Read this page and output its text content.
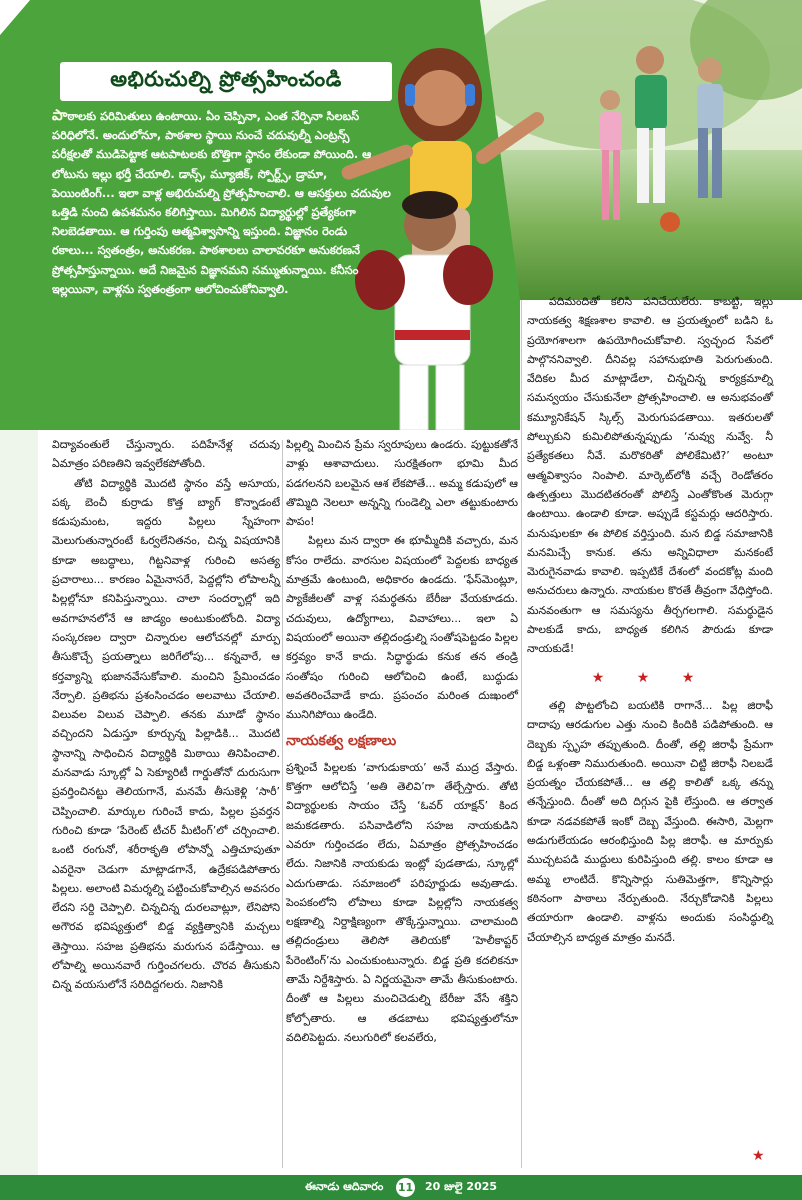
అభిరుచుల్ని ప్రోత్సహించండి

పాఠాలకు పరిమితులు ఉంటాయి. ఏం చెప్పినా, ఎంత నేర్పినా సిలబస్‌ పరిధిలోనే. అందులోనూ, పాఠశాల స్థాయి నుంచే చదువుల్నీ ఎంట్రన్స్‌ పరీక్షలతో ముడిపెట్టాక ఆటపాటలకు బొత్తిగా స్థానం లేకుండా పోయింది. ఆ లోటును ఇల్లు భర్తీ చేయాలి. డాన్స్‌, మ్యూజిక్‌, స్పోర్ట్స్‌, డ్రామా, పెయింటింగ్‌... ఇలా వాళ్ల అభిరుచుల్ని ప్రోత్సహించాలి. ఆ ఆసక్తులు చదువుల ఒత్తిడి నుంచి ఉపశమనం కలిగిస్తాయి. మిగిలిన విద్యార్థుల్లో ప్రత్యేకంగా నిలబెడతాయి. ఆ గుర్తింపు ఆత్మవిశ్వాసాన్ని ఇస్తుంది. విజ్ఞానం రెండు రకాలు... స్వతంత్రం, అనుకరణ. పాఠశాలలు చాలావరకూ అనుకరణనే ప్రోత్సహిస్తున్నాయి. అదే నిజమైన విజ్ఞానమని నమ్ముతున్నాయి. కనీసం ఇల్లయినా, వాళ్లను స్వతంత్రంగా ఆలోచించుకోనివ్వాలి.

విద్యావంతులే చేస్తున్నారు. పదిహేనేళ్ల చదువు ఏమాత్రం పరిణతిని ఇవ్వలేకపోతోంది.

తోటి విద్యార్థికి మొదటి స్థానం వస్తే అసూయ, పక్క బెంచీ కుర్రాడు కొత్త బ్యాగ్‌ కొన్నాడంటే కడుపుమంట, ఇద్దరు పిల్లలు స్నేహంగా మెలుగుతున్నారంటే ఓర్వలేనితనం, చిన్న విషయానికి కూడా అబద్ధాలు, గిట్టనివాళ్ల గురించి అసత్య ప్రచారాలు... కారణం ఏమైనాసరే, పెద్దల్లోని లోపాలన్నీ పిల్లల్లోనూ కనిపిస్తున్నాయి. చాలా సందర్భాల్లో ఇది అవగాహనలోనే ఆ జాడ్యం అంటుకుంటోంది. విద్యా సంస్కరణల ద్వారా చిన్నారుల ఆలోచనల్లో మార్పు తీసుకొచ్చే ప్రయత్నాలు జరిగేలోపు... కన్నవారే, ఆ కర్తవ్యాన్ని భుజానవేసుకోవాలి. మంచిని ప్రేమించడం నేర్పాలి. ప్రతిభను ప్రశంసించడం అలవాటు చేయాలి. విలువల విలువ చెప్పాలి. తనకు మూడో స్థానం వచ్చిందని ఏడుస్తూ కూర్చున్న పిల్లాడికి... మొదటి స్థానాన్ని సాధించిన విద్యార్థికి మిఠాయి తినిపించాలి. మనవాడు స్కూల్లో ఏ సెక్యూరిటీ గార్డుతోనో దురుసుగా ప్రవర్తించినట్టు తెలియగానే, మనమే తీసుకెళ్లి ‘సారీ’ చెప్పించాలి. మార్కుల గురించే కాదు, పిల్లల ప్రవర్తన గురించి కూడా ‘పేరెంట్‌ టీచర్‌ మీటింగ్‌’లో చర్చించాలి. ఒంటి రంగునో, శరీరాకృతి లోపాన్నో ఎత్తిచూపుతూ ఎవరైనా చెడుగా మాట్లాడగానే, ఉద్రేకపడిపోతారు పిల్లలు. అలాంటి విమర్శల్ని పట్టించుకోవాల్సిన అవసరం లేదని సర్ది చెప్పాలి. చిన్నచిన్న దురలవాట్లూ, లేనిపోని అగౌరవ భవిష్యత్తులో బిడ్డ వ్యక్తిత్వానికి మచ్చలు తెస్తాయి. సహజ ప్రతిభను మరుగున పడేస్తాయి. ఆ లోపాల్ని అయినవారే గుర్తించగలరు. చొరవ తీసుకుని చిన్న వయసులోనే సరిదిద్దగలరు. నిజానికి

పిల్లల్ని మించిన ప్రేమ స్వరూపులు ఉండరు. పుట్టుకతోనే వాళ్లు ఆశావాదులు. సురక్షితంగా భూమి మీద పడగలనని బలమైన ఆశ లేకపోతే... అమ్మ కడుపులో ఆ తొమ్మిది నెలలూ అన్నన్ని గుండెల్ని ఎలా తట్టుకుంటారు పాపం!

పిల్లలు మన ద్వారా ఈ భూమ్మీదికి వచ్చారు, మన కోసం రాలేదు. వారసుల విషయంలో పెద్దలకు బాధ్యత మాత్రమే ఉంటుంది, అధికారం ఉండదు. ‘ఫేస్‌మెంట్లూ, ప్యాకేజీలతో వాళ్ల సమర్థతను బేరీజు వేయకూడదు. చదువులు, ఉద్యోగాలు, వివాహాలు... ఇలా ఏ విషయంలో అయినా తల్లిదండ్రుల్ని సంతోషపెట్టడం పిల్లల కర్తవ్యం కానే కాదు. సిద్ధార్థుడు కనుక తన తండ్రి సంతోషం గురించి ఆలోచించి ఉంటే, బుద్ధుడు అవతరించేవాడే కాదు. ప్రపంచం మరింత దుఃఖంలో మునిగిపోయి ఉండేది.

నాయకత్వ లక్షణాలు

ప్రశ్నించే పిల్లలకు ‘వాగుడుకాయ’ అనే ముద్ర వేస్తారు. కొత్తగా ఆలోచిస్తే ‘అతి తెలివి’గా తేల్చేస్తారు. తోటి విద్యార్థులకు సాయం చేస్తే ‘ఓవర్‌ యాక్షన్‌’ కింద జమకడతారు. పసివాడిలోని సహజ నాయకుడిని ఎవరూ గుర్తించడం లేదు, ఏమాత్రం ప్రోత్సహించడం లేదు. నిజానికి నాయకుడు ఇంట్లో పుడతాడు, స్కూల్లో ఎదుగుతాడు. సమాజంలో పరిపూర్ణుడు అవుతాడు. పెంపకంలోని లోపాలు కూడా పిల్లల్లోని నాయకత్వ లక్షణాల్ని నిర్దాక్షిణ్యంగా తొక్కేస్తున్నాయి. చాలామంది తల్లిదండ్రులు తెలిసో తెలియకో ‘హెలీకాప్టర్‌ పేరెంటింగ్‌’ను ఎంచుకుంటున్నారు. బిడ్డ ప్రతి కదలికనూ తామే నిర్దేశిస్తారు. ఏ నిర్ణయమైనా తామే తీసుకుంటారు. దీంతో ఆ పిల్లలు మంచిచెడుల్ని బేరీజు వేసే శక్తిని కోల్పోతారు. ఆ తడబాటు భవిష్యత్తులోనూ వదిలిపెట్టదు. నలుగురిలో కలవలేరు,

పదిమందితో కలిసి పనిచేయలేరు. కాబట్టి, ఇల్లు నాయకత్వ శిక్షణశాల కావాలి. ఆ ప్రయత్నంలో బడిని ఓ ప్రయోగశాలగా ఉపయోగించుకోవాలి. స్వచ్ఛంద సేవలో పాల్గొననివ్వాలి. దీనివల్ల సహానుభూతి పెరుగుతుంది. వేదికల మీద మాట్లాడేలా, చిన్నచిన్న కార్యక్రమాల్ని సమన్వయం చేసుకునేలా ప్రోత్సహించాలి. ఆ అనుభవంతో కమ్యూనికేషన్‌ స్కిల్స్‌ మెరుగుపడతాయి. ఇతరులతో పోల్చుకుని కుమిలిపోతున్నప్పుడు ‘నువ్వు నువ్వే. నీ ప్రత్యేకతలు నీవే. మరొకరితో పోలికేమిటి?’ అంటూ ఆత్మవిశ్వాసం నింపాలి. మార్కెట్‌లోకి వచ్చే రెండోతరం ఉత్పత్తులు మొదటితరంతో పోలిస్తే ఎంతోకొంత మెరుగ్గా ఉంటాయి. ఉండాలి కూడా. అప్పుడే కస్టమర్లు ఆదరిస్తారు. మనుషులకూ ఈ పోలిక వర్తిస్తుంది. మన బిడ్డ సమాజానికి మనమిచ్చే కానుక. తను అన్నివిధాలా మనకంటే మెరుగైనవాడు కావాలి. ఇప్పటికే దేశంలో వందకోట్ల మంది అనుచరులు ఉన్నారు. నాయకుల కొరతే తీవ్రంగా వేధిస్తోంది. మనవంతుగా ఆ సమస్యను తీర్చగలగాలి. సమర్థుడైన పాలకుడే కాదు, బాధ్యత కలిగిన పౌరుడు కూడా నాయకుడే!

★ ★ ★

తల్లి పొట్టలోంచి బయటికి రాగానే... పిల్ల జిరాఫీ దాదాపు ఆరడుగుల ఎత్తు నుంచి కిందికి పడిపోతుంది. ఆ దెబ్బకు స్పృహ తప్పుతుంది. దీంతో, తల్లి జిరాఫీ ప్రేమగా బిడ్డ ఒళ్లంతా నిమురుతుంది. అయినా చిట్టి జిరాఫీ నిలబడే ప్రయత్నం చేయకపోతే... ఆ తల్లి కాలితో ఒక్క తన్ను తన్నేస్తుంది. దీంతో అది దిగ్గున పైకి లేస్తుంది. ఆ తర్వాత కూడా నడవకపోతే ఇంకో దెబ్బ వేస్తుంది. ఈసారి, మెల్లగా అడుగులేయడం ఆరంభిస్తుంది పిల్ల జిరాఫీ. ఆ మార్పుకు ముచ్చటపడి ముద్దులు కురిపిస్తుంది తల్లి. కాలం కూడా ఆ అమ్మ లాంటిదే. కొన్నిసార్లు సుతిమెత్తగా, కొన్నిసార్లు కఠినంగా పాఠాలు నేర్పుతుంది. నేర్చుకోడానికి పిల్లలు తయారుగా ఉండాలి. వాళ్లను అందుకు సంసిద్ధుల్ని చేయాల్సిన బాధ్యత మాత్రం మనదే.

★
ఈనాడు ఆదివారం 11 20 జులై 2025
